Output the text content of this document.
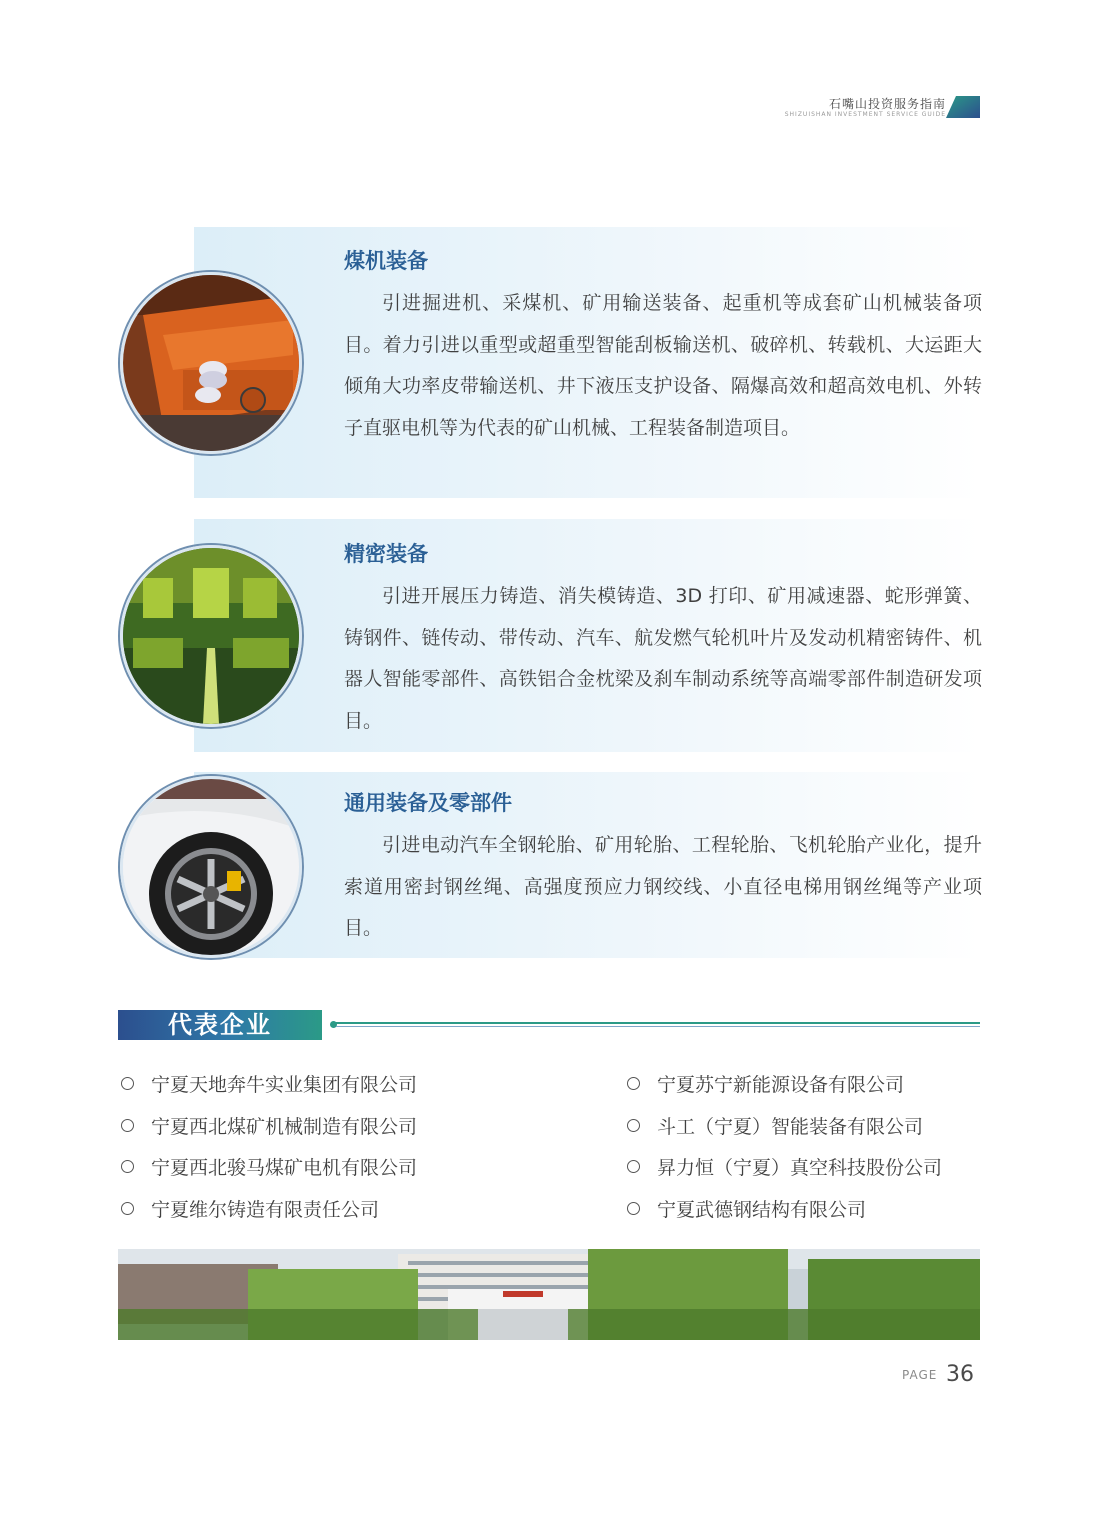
石嘴山投资服务指南
SHIZUISHAN INVESTMENT SERVICE GUIDE
煤机装备

引进掘进机、采煤机、矿用输送装备、起重机等成套矿山机械装备项目。着力引进以重型或超重型智能刮板输送机、破碎机、转载机、大运距大倾角大功率皮带输送机、井下液压支护设备、隔爆高效和超高效电机、外转子直驱电机等为代表的矿山机械、工程装备制造项目。

精密装备

引进开展压力铸造、消失模铸造、3D 打印、矿用减速器、蛇形弹簧、铸钢件、链传动、带传动、汽车、航发燃气轮机叶片及发动机精密铸件、机器人智能零部件、高铁铝合金枕梁及刹车制动系统等高端零部件制造研发项目。

通用装备及零部件

引进电动汽车全钢轮胎、矿用轮胎、工程轮胎、飞机轮胎产业化，提升索道用密封钢丝绳、高强度预应力钢绞线、小直径电梯用钢丝绳等产业项目。

代表企业
宁夏天地奔牛实业集团有限公司
宁夏西北煤矿机械制造有限公司
宁夏西北骏马煤矿电机有限公司
宁夏维尔铸造有限责任公司
宁夏苏宁新能源设备有限公司
斗工（宁夏）智能装备有限公司
昇力恒（宁夏）真空科技股份公司
宁夏武德钢结构有限公司
PAGE 36
